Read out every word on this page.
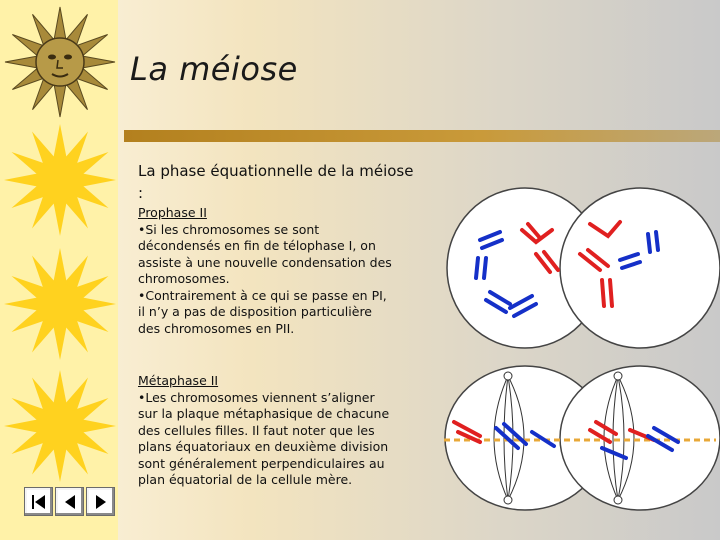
La méiose
La phase équationnelle de la méiose :
Prophase II
•Si les chromosomes se sont
décondensés en fin de télophase I, on
assiste à une nouvelle condensation des
chromosomes.
•Contrairement à ce qui se passe en PI,
il n’y a pas de disposition particulière
des chromosomes en PII.
Métaphase II
•Les chromosomes viennent s’aligner
sur la plaque métaphasique de chacune
des cellules filles. Il faut noter que les
plans équatoriaux en deuxième division
sont généralement perpendiculaires au
plan équatorial de la cellule mère.
